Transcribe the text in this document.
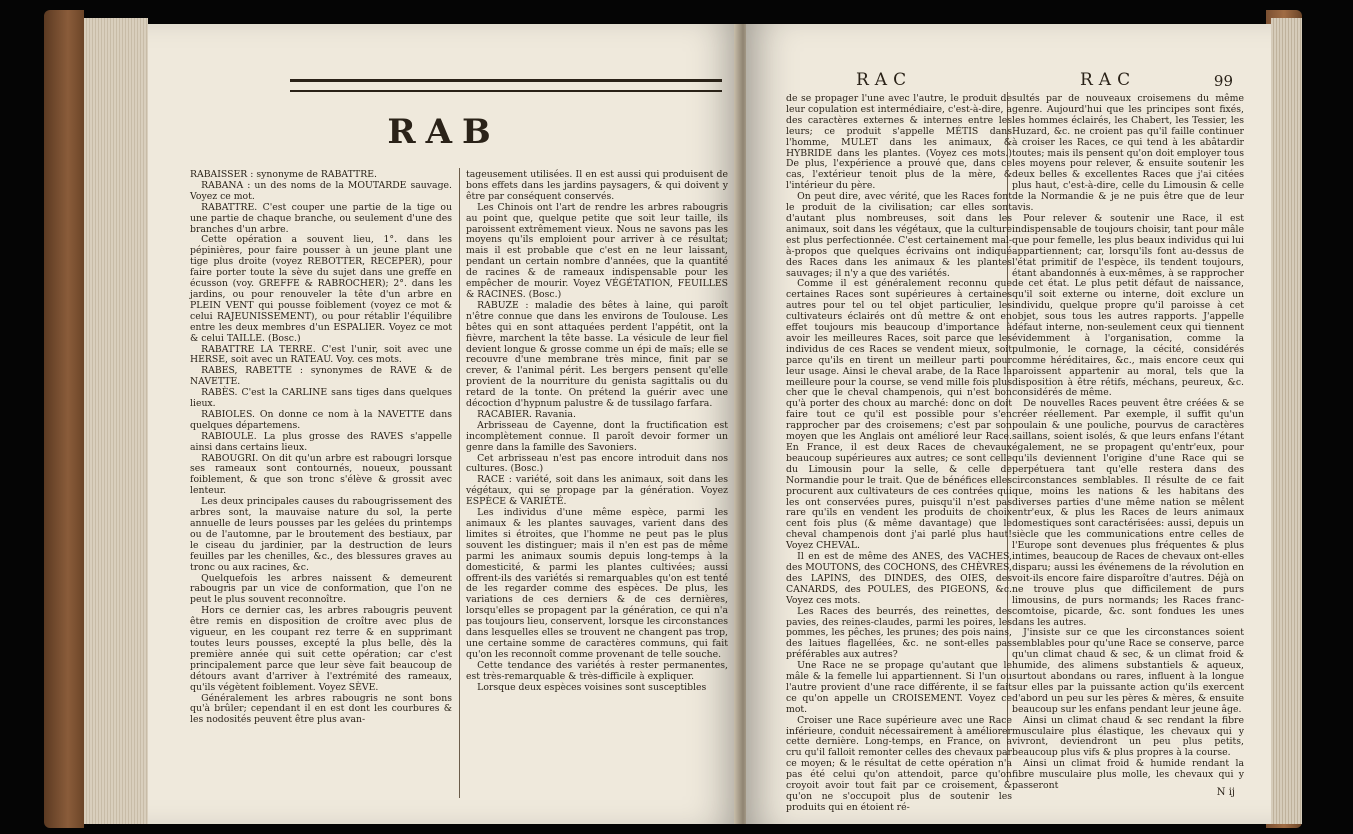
RAB

RABAISSER : synonyme de RABATTRE.

RABANA : un des noms de la MOUTARDE sauvage. Voyez ce mot.

RABATTRE. C'est couper une partie de la tige ou une partie de chaque branche, ou seulement d'une des branches d'un arbre.

Cette opération a souvent lieu, 1°. dans les pépinières, pour faire pousser à un jeune plant une tige plus droite (voyez REBOTTER, RECEPER), pour faire porter toute la sève du sujet dans une greffe en écusson (voy. GREFFE & RABROCHER); 2°. dans les jardins, ou pour renouveler la tête d'un arbre en PLEIN VENT qui pousse foiblement (voyez ce mot & celui RAJEUNISSEMENT), ou pour rétablir l'équilibre entre les deux membres d'un ESPALIER. Voyez ce mot & celui TAILLE. (Bosc.)

RABATTRE LA TERRE. C'est l'unir, soit avec une HERSE, soit avec un RATEAU. Voy. ces mots.

RABES, RABETTE : synonymes de RAVE & de NAVETTE.

RABÈS. C'est la CARLINE sans tiges dans quelques lieux.

RABIOLES. On donne ce nom à la NAVETTE dans quelques départemens.

RABIOULE. La plus grosse des RAVES s'appelle ainsi dans certains lieux.

RABOUGRI. On dit qu'un arbre est rabougri lorsque ses rameaux sont contournés, noueux, poussant foiblement, & que son tronc s'élève & grossit avec lenteur.

Les deux principales causes du rabougrissement des arbres sont, la mauvaise nature du sol, la perte annuelle de leurs pousses par les gelées du printemps ou de l'automne, par le broutement des bestiaux, par le ciseau du jardinier, par la destruction de leurs feuilles par les chenilles, &c., des blessures graves au tronc ou aux racines, &c.

Quelquefois les arbres naissent & demeurent rabougris par un vice de conformation, que l'on ne peut le plus souvent reconnoître.

Hors ce dernier cas, les arbres rabougris peuvent être remis en disposition de croître avec plus de vigueur, en les coupant rez terre & en supprimant toutes leurs pousses, excepté la plus belle, dès la première année qui suit cette opération; car c'est principalement parce que leur sève fait beaucoup de détours avant d'arriver à l'extrémité des rameaux, qu'ils végètent foiblement. Voyez SÈVE.

Généralement les arbres rabougris ne sont bons qu'à brûler; cependant il en est dont les courbures & les nodosités peuvent être plus avan-

tageusement utilisées. Il en est aussi qui produisent de bons effets dans les jardins paysagers, & qui doivent y être par conséquent conservés.

Les Chinois ont l'art de rendre les arbres rabougris au point que, quelque petite que soit leur taille, ils paroissent extrêmement vieux. Nous ne savons pas les moyens qu'ils emploient pour arriver à ce résultat; mais il est probable que c'est en ne leur laissant, pendant un certain nombre d'années, que la quantité de racines & de rameaux indispensable pour les empêcher de mourir. Voyez VÉGÉTATION, FEUILLES & RACINES. (Bosc.)

RABUZE : maladie des bêtes à laine, qui paroît n'être connue que dans les environs de Toulouse. Les bêtes qui en sont attaquées perdent l'appétit, ont la fièvre, marchent la tête basse. La vésicule de leur fiel devient longue & grosse comme un épi de maïs; elle se recouvre d'une membrane très mince, finit par se crever, & l'animal périt. Les bergers pensent qu'elle provient de la nourriture du genista sagittalis ou du retard de la tonte. On prétend la guérir avec une décoction d'hypnum palustre & de tussilago farfara.

RACABIER. Ravania.

Arbrisseau de Cayenne, dont la fructification est incomplètement connue. Il paroît devoir former un genre dans la famille des Savoniers.

Cet arbrisseau n'est pas encore introduit dans nos cultures. (Bosc.)

RACE : variété, soit dans les animaux, soit dans les végétaux, qui se propage par la génération. Voyez ESPÈCE & VARIÉTÉ.

Les individus d'une même espèce, parmi les animaux & les plantes sauvages, varient dans des limites si étroites, que l'homme ne peut pas le plus souvent les distinguer; mais il n'en est pas de même parmi les animaux soumis depuis long-temps à la domesticité, & parmi les plantes cultivées; aussi offrent-ils des variétés si remarquables qu'on est tenté de les regarder comme des espèces. De plus, les variations de ces derniers & de ces dernières, lorsqu'elles se propagent par la génération, ce qui n'a pas toujours lieu, conservent, lorsque les circonstances dans lesquelles elles se trouvent ne changent pas trop, une certaine somme de caractères communs, qui fait qu'on les reconnoît comme provenant de telle souche.

Cette tendance des variétés à rester permanentes, est très-remarquable & très-difficile à expliquer.

Lorsque deux espèces voisines sont susceptibles

RAC	RAC	99

de se propager l'une avec l'autre, le produit de leur copulation est intermédiaire, c'est-à-dire, a des caractères externes & internes entre les leurs; ce produit s'appelle MÉTIS dans l'homme, MULET dans les animaux, & HYBRIDE dans les plantes. (Voyez ces mots.) De plus, l'expérience a prouvé que, dans ce cas, l'extérieur tenoit plus de la mère, & l'intérieur du père.

On peut dire, avec vérité, que les Races font le produit de la civilisation; car elles sont d'autant plus nombreuses, soit dans les animaux, soit dans les végétaux, que la culture est plus perfectionnée. C'est certainement mal-à-propos que quelques écrivains ont indiqué des Races dans les animaux & les plantes sauvages; il n'y a que des variétés.

Comme il est généralement reconnu que certaines Races sont supérieures à certaines autres pour tel ou tel objet particulier, les cultivateurs éclairés ont dû mettre & ont en effet toujours mis beaucoup d'importance à avoir les meilleures Races, soit parce que les individus de ces Races se vendent mieux, soit parce qu'ils en tirent un meilleur parti pour leur usage. Ainsi le cheval arabe, de la Race la meilleure pour la course, se vend mille fois plus cher que le cheval champenois, qui n'est bon qu'à porter des choux au marché: donc on doit faire tout ce qu'il est possible pour s'en rapprocher par des croisemens; c'est par son moyen que les Anglais ont amélioré leur Race. En France, il est deux Races de chevaux beaucoup supérieures aux autres; ce sont celle du Limousin pour la selle, & celle de Normandie pour le trait. Que de bénéfices elles procurent aux cultivateurs de ces contrées qui les ont conservées pures, puisqu'il n'est pas rare qu'ils en vendent les produits de choix cent fois plus (& même davantage) que le cheval champenois dont j'ai parlé plus haut! Voyez CHEVAL.

Il en est de même des ANES, des VACHES, des MOUTONS, des COCHONS, des CHÈVRES, des LAPINS, des DINDES, des OIES, des CANARDS, des POULES, des PIGEONS, &c. Voyez ces mots.

Les Races des beurrés, des reinettes, des pavies, des reines-claudes, parmi les poires, les pommes, les pêches, les prunes; des pois nains, des laitues flagellées, &c. ne sont-elles pas préférables aux autres?

Une Race ne se propage qu'autant que le mâle & la femelle lui appartiennent. Si l'un ou l'autre provient d'une race différente, il se fait ce qu'on appelle un CROISEMENT. Voyez ce mot.

Croiser une Race supérieure avec une Race inférieure, conduit nécessairement à améliorer cette dernière. Long-temps, en France, on a cru qu'il falloit remonter celles des chevaux par ce moyen; & le résultat de cette opération n'a pas été celui qu'on attendoit, parce qu'on croyoit avoir tout fait par ce croisement, & qu'on ne s'occupoit plus de soutenir les produits qui en étoient ré-

sultés par de nouveaux croisemens du même genre. Aujourd'hui que les principes sont fixés, les hommes éclairés, les Chabert, les Tessier, les Huzard, &c. ne croient pas qu'il faille continuer à croiser les Races, ce qui tend à les abâtardir toutes; mais ils pensent qu'on doit employer tous les moyens pour relever, & ensuite soutenir les deux belles & excellentes Races que j'ai citées plus haut, c'est-à-dire, celle du Limousin & celle de la Normandie & je ne puis être que de leur avis.

Pour relever & soutenir une Race, il est indispensable de toujours choisir, tant pour mâle que pour femelle, les plus beaux individus qui lui appartiennent; car, lorsqu'ils font au-dessus de l'état primitif de l'espèce, ils tendent toujours, étant abandonnés à eux-mêmes, à se rapprocher de cet état. Le plus petit défaut de naissance, qu'il soit externe ou interne, doit exclure un individu, quelque propre qu'il paroisse à cet objet, sous tous les autres rapports. J'appelle défaut interne, non-seulement ceux qui tiennent évidemment à l'organisation, comme la pulmonie, le cornage, la cécité, considérés comme héréditaires, &c., mais encore ceux qui paroissent appartenir au moral, tels que la disposition à être rétifs, méchans, peureux, &c. considérés de même.

De nouvelles Races peuvent être créées & se créer réellement. Par exemple, il suffit qu'un poulain & une pouliche, pourvus de caractères saillans, soient isolés, & que leurs enfans l'étant également, ne se propagent qu'entr'eux, pour qu'ils deviennent l'origine d'une Race qui se perpétuera tant qu'elle restera dans des circonstances semblables. Il résulte de ce fait que, moins les nations & les habitans des diverses parties d'une même nation se mêlent entr'eux, & plus les Races de leurs animaux domestiques sont caractérisées: aussi, depuis un siècle que les communications entre celles de l'Europe sont devenues plus fréquentes & plus intimes, beaucoup de Races de chevaux ont-elles disparu; aussi les événemens de la révolution en voit-ils encore faire disparoître d'autres. Déjà on ne trouve plus que difficilement de purs limousins, de purs normands; les Races franc-comtoise, picarde, &c. sont fondues les unes dans les autres.

J'insiste sur ce que les circonstances soient semblables pour qu'une Race se conserve, parce qu'un climat chaud & sec, & un climat froid & humide, des alimens substantiels & aqueux, surtout abondans ou rares, influent à la longue sur elles par la puissante action qu'ils exercent d'abord un peu sur les pères & mères, & ensuite beaucoup sur les enfans pendant leur jeune âge.

Ainsi un climat chaud & sec rendant la fibre musculaire plus élastique, les chevaux qui y vivront, deviendront un peu plus petits, beaucoup plus vifs & plus propres à la course.

Ainsi un climat froid & humide rendant la fibre musculaire plus molle, les chevaux qui y passeront

N ij
